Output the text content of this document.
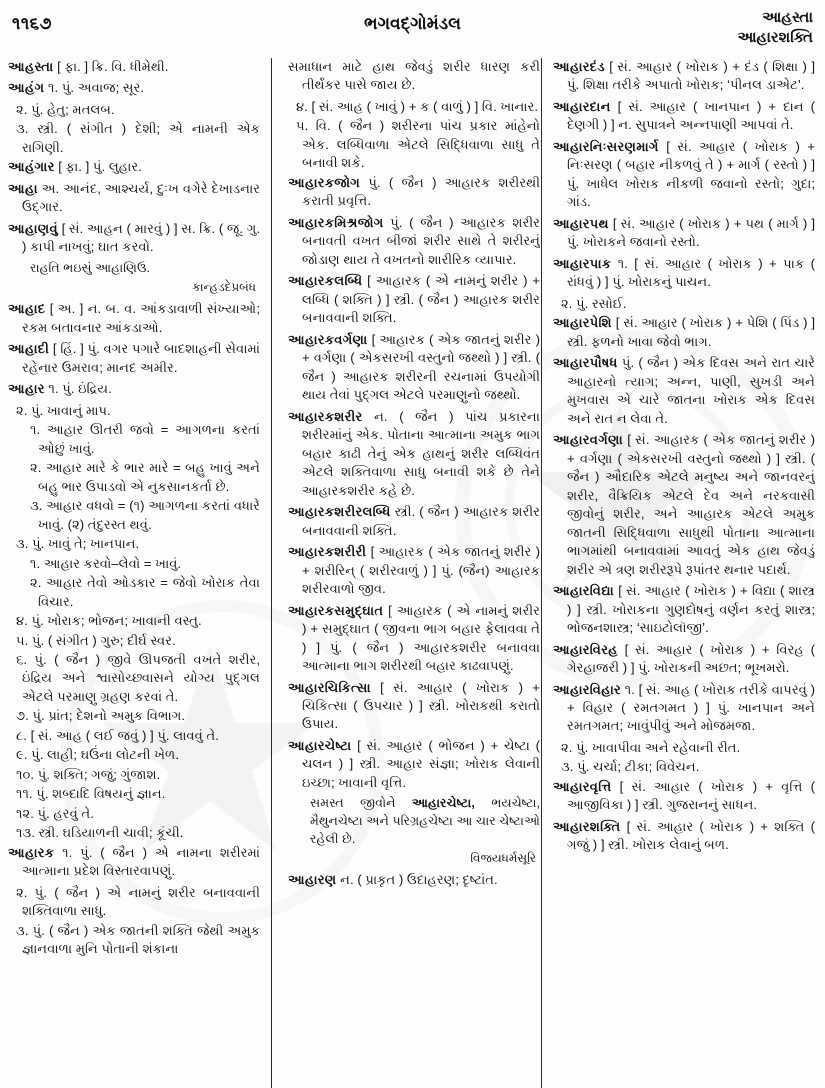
૧૧૬૭	ભગવદ્ગોમંડલ	આહસ્તા
આહારશક્તિ

આહસ્તા [ ફા. ] ક્રિ. વિ. ધીમેથી.

આહંગ ૧. પું. અવાજ; સૂર.

૨. પું. હેતુ; મતલબ.

૩. સ્ત્રી. ( સંગીત ) દેશી; એ નામની એક રાગિણી.

આહંગાર [ ફા. ] પું. લુહાર.

આહા અ. આનંદ, આશ્ચર્ય, દુઃખ વગેરે દેખાડનાર ઉદ્ગાર.

આહાણવું [ સં. આહન ( મારવું ) ] સ. ક્રિ. ( જૂ. ગુ. ) કાપી નાખવું; ઘાત કરવો.

રાહતિ ભઇસું આહાણિઉ.

કાન્હડદેપ્રબંધ

આહાદ [ અ. ] ન. બ. વ. આંકડાવાળી સંખ્યાઓ; રકમ બતાવનાર આંકડાઓ.

આહાદી [ હિં. ] પું. વગર પગારે બાદશાહની સેવામાં રહેનાર ઉમરાવ; માનદ અમીર.

આહાર ૧. પું. ઇંદ્રિય.

૨. પું. ખાવાનું માપ.

૧. આહાર ઊતરી જવો = આગળના કરતાં ઓછું ખાવું.

૨. આહાર મારે કે ભાર મારે = બહુ ખાવું અને બહુ ભાર ઉપાડવો એ નુકસાનકર્તા છે.

૩. આહાર વધવો = (૧) આગળના કરતાં વધારે ખાવું. (૨) તંદુરસ્ત થવું.

૩. પું. ખાવું તે; ખાનપાન.

૧. આહાર કરવો–લેવો = ખાવું.

૨. આહાર તેવો ઓડકાર = જેવો ખોરાક તેવા વિચાર.

૪. પું. ખોરાક; ભોજન; ખાવાની વસ્તુ.

૫. પું. ( સંગીત ) ગુરુ; દીર્ઘ સ્વર.

૬. પું. ( જૈન ) જીવે ઊપજતી વખતે શરીર, ઇંદ્રિય અને શ્વાસોચ્છ્વાસને યોગ્ય પુદ્ગલ એટલે પરમાણુ ગ્રહણ કરવાં તે.

૭. પું. પ્રાંત; દેશનો અમુક વિભાગ.

૮. [ સં. આહ ( લઈ જવું ) ] પું. લાવવું તે.

૯. પું. લાહી; ઘઉંના લોટની ખેળ.

૧૦. પું. શક્તિ; ગજું; ગુંજાશ.

૧૧. પું. શબ્દાદિ વિષયનું જ્ઞાન.

૧૨. પું. હરવું તે.

૧૩. સ્ત્રી. ઘડિયાળની ચાવી; કૂંચી.

આહારક ૧. પું. ( જૈન ) એ નામના શરીરમાં આત્માના પ્રદેશ વિસ્તારવાપણું.

૨. પું. ( જૈન ) એ નામનું શરીર બનાવવાની શક્તિવાળા સાધુ.

૩. પું. ( જૈન ) એક જાતની શક્તિ જેથી અમુક જ્ઞાનવાળા મુનિ પોતાની શંકાના

સમાધાન માટે હાથ જેવડું શરીર ધારણ કરી તીર્થંકર પાસે જાય છે.

૪. [ સં. આહ ( ખાવું ) + ક ( વાળું ) ] વિ. ખાનાર.

૫. વિ. ( જૈન ) શરીરના પાંચ પ્રકાર માંહેનો એક. લબ્ધિવાળા એટલે સિદ્ધિવાળા સાધુ તે બનાવી શકે.

આહારકજોગ પું. ( જૈન ) આહારક શરીરથી કરાતી પ્રવૃત્તિ.

આહારકમિશ્રજોગ પું. ( જૈન ) આહારક શરીર બનાવતી વખત બીજાં શરીર સાથે તે શરીરનું જોડાણ થાય તે વખતનો શારીરિક વ્યાપાર.

આહારકલબ્ધિ [ આહારક ( એ નામનું શરીર ) + લબ્ધિ ( શક્તિ ) ] સ્ત્રી. ( જૈન ) આહારક શરીર બનાવવાની શક્તિ.

આહારકવર્ગણા [ આહારક ( એક જાતનું શરીર ) + વર્ગણા ( એકસરખી વસ્તુનો જથ્થો ) ] સ્ત્રી. ( જૈન ) આહારક શરીરની રચનામાં ઉપયોગી થાય તેવાં પુદ્ગલ એટલે પરમાણુનો જથ્થો.

આહારકશરીર ન. ( જૈન ) પાંચ પ્રકારના શરીરમાંનું એક. પોતાના આત્માના અમુક ભાગ બહાર કાઢી તેનું એક હાથનું શરીર લબ્ધિવંત એટલે શક્તિવાળા સાધુ બનાવી શકે છે તેને આહારકશરીર કહે છે.

આહારકશરીરલબ્ધિ સ્ત્રી. ( જૈન ) આહારક શરીર બનાવવાની શક્તિ.

આહારકશરીરી [ આહારક ( એક જાતનું શરીર ) + શરીરિન્ ( શરીરવાળું ) ] પું. (જૈન) આહારક શરીરવાળો જીવ.

આહારકસમુદ્ઘાત [ આહારક ( એ નામનું શરીર ) + સમુદ્ઘાત ( જીવના ભાગ બહાર ફેલાવવા તે ) ] પું. ( જૈન ) આહારકશરીર બનાવવા આત્માના ભાગ શરીરથી બહાર કાઢવાપણું.

આહારચિકિત્સા [ સં. આહાર ( ખોરાક ) + ચિકિત્સા ( ઉપચાર ) ] સ્ત્રી. ખોરાકથી કરાતો ઉપાય.

આહારચેષ્ટા [ સં. આહાર ( ભોજન ) + ચેષ્ટા ( ચલન ) ] સ્ત્રી. આહાર સંજ્ઞા; ખોરાક લેવાની ઇચ્છા; ખાવાની વૃત્તિ.

સમસ્ત જીવોને આહારચેષ્ટા, ભયચેષ્ટા, મૈથુનચેષ્ટા અને પરિગ્રહચેષ્ટા આ ચાર ચેષ્ટાઓ રહેલી છે.

વિજયધર્મસૂરિ

આહારણ ન. ( પ્રાકૃત ) ઉદાહરણ; દૃષ્ટાંત.

આહારદંડ [ સં. આહાર ( ખોરાક ) + દંડ ( શિક્ષા ) ] પું. શિક્ષા તરીકે અપાતો ખોરાક; ‘પીનલ ડાએટ’.

આહારદાન [ સં. આહાર ( ખાનપાન ) + દાન ( દેણગી ) ] ન. સુપાત્રને અન્નપાણી આપવાં તે.

આહારનિઃસરણમાર્ગ [ સં. આહાર ( ખોરાક ) + નિઃસરણ ( બહાર નીકળવું તે ) + માર્ગ ( રસ્તો ) ] પું. ખાધેલ ખોરાક નીકળી જવાનો રસ્તો; ગુદા; ગાંડ.

આહારપથ [ સં. આહાર ( ખોરાક ) + પથ ( માર્ગ ) ] પું. ખોરાકને જવાનો રસ્તો.

આહારપાક ૧. [ સં. આહાર ( ખોરાક ) + પાક ( રાંધવું ) ] પું. ખોરાકનું પાચન.

૨. પું. રસોઈ.

આહારપેશિ [ સં. આહાર ( ખોરાક ) + પેશિ ( પિંડ ) ] સ્ત્રી. ફળનો ખાવા જેવો ભાગ.

આહારપૌષધ પું. ( જૈન ) એક દિવસ અને રાત ચારે આહારનો ત્યાગ; અન્ન, પાણી, સુખડી અને મુખવાસ એ ચારે જાતના ખોરાક એક દિવસ અને રાત ન લેવા તે.

આહારવર્ગણા [ સં. આહારક ( એક જાતનું શરીર ) + વર્ગણા ( એકસરખી વસ્તુનો જથ્થો ) ] સ્ત્રી. ( જૈન ) ઔદારિક એટલે મનુષ્ય અને જાનવરનું શરીર, વૈક્રિયિક એટલે દેવ અને નરકવાસી જીવોનું શરીર, અને આહારક એટલે અમુક જાતની સિદ્ધિવાળા સાધુથી પોતાના આત્માના ભાગમાંથી બનાવવામાં આવતું એક હાથ જેવડું શરીર એ ત્રણ શરીરરૂપે રૂપાંતર થનાર પદાર્થ.

આહારવિદ્યા [ સં. આહાર ( ખોરાક ) + વિદ્યા ( શાસ્ત્ર ) ] સ્ત્રી. ખોરાકના ગુણદોષનું વર્ણન કરતું શાસ્ત્ર; ભોજનશાસ્ત્ર; ‘સાઇટોલૉજી’.

આહારવિરહ [ સં. આહાર ( ખોરાક ) + વિરહ ( ગેરહાજરી ) ] પું. ખોરાકની અછત; ભૂખમરો.

આહારવિહાર ૧. [ સં. આહ ( ખોરાક તરીકે વાપરવું ) + વિહાર ( રમતગમત ) ] પું. ખાનપાન અને રમતગમત; ખાવુંપીવું અને મોજમજા.

૨. પું. ખાવાપીવા અને રહેવાની રીત.

૩. પું. ચર્ચા; ટીકા; વિવેચન.

આહારવૃત્તિ [ સં. આહાર ( ખોરાક ) + વૃત્તિ ( આજીવિકા ) ] સ્ત્રી. ગુજરાનનું સાધન.

આહારશક્તિ [ સં. આહાર ( ખોરાક ) + શક્તિ ( ગજું ) ] સ્ત્રી. ખોરાક લેવાનું બળ.
